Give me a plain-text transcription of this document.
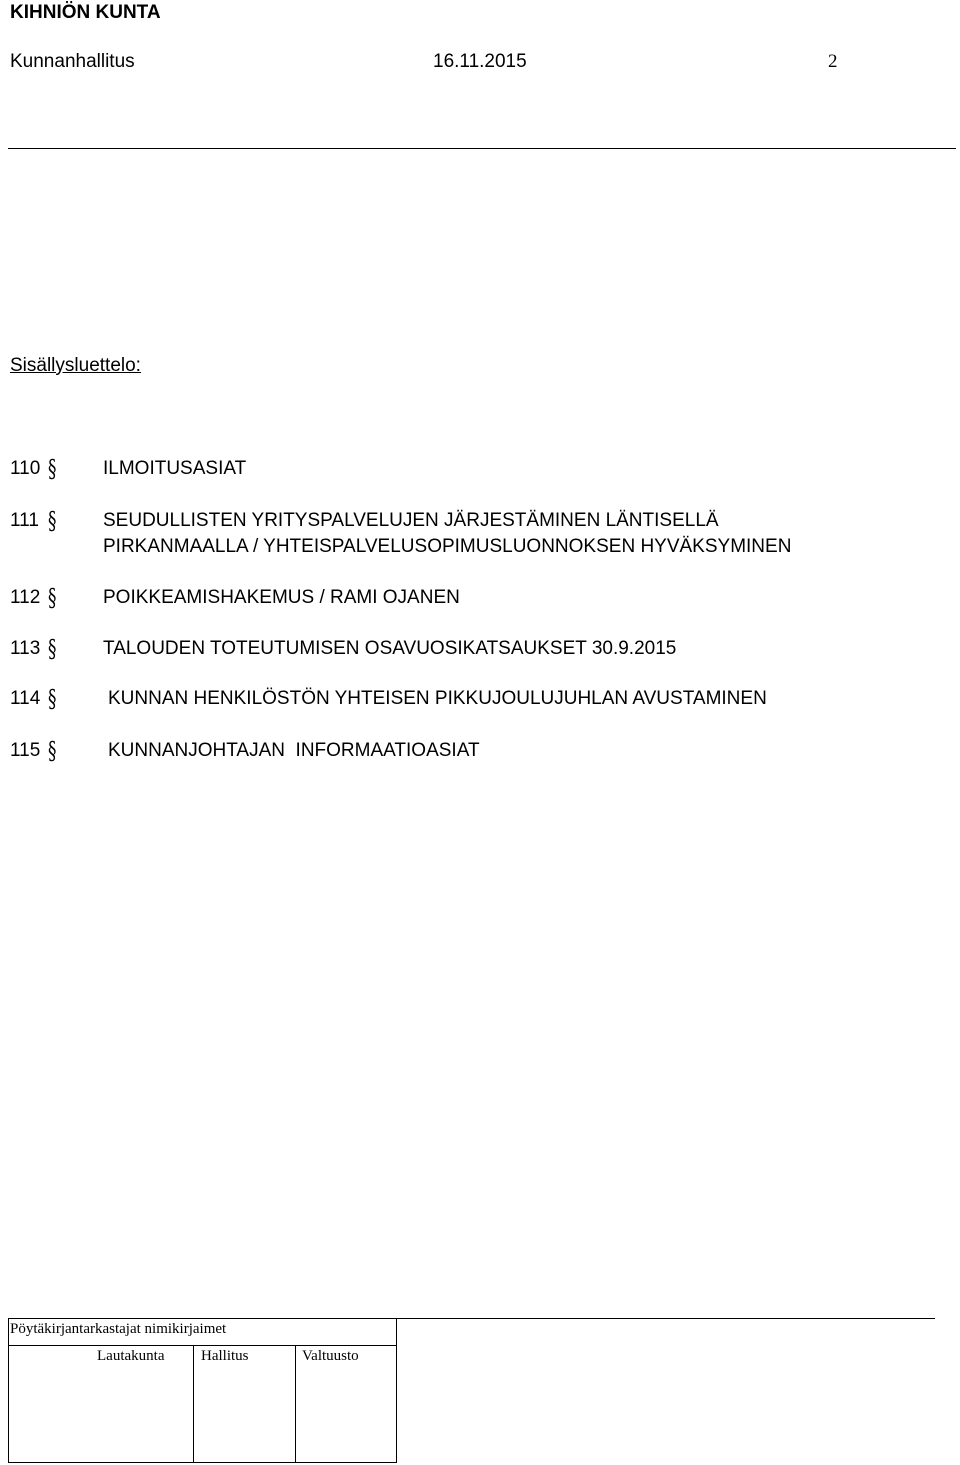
KIHNIÖN KUNTA
Kunnanhallitus	16.11.2015	2
Sisällysluettelo:
110 § ILMOITUSASIAT
111 § SEUDULLISTEN YRITYSPALVELUJEN JÄRJESTÄMINEN LÄNTISELLÄ
PIRKANMAALLA / YHTEISPALVELUSOPIMUSLUONNOKSEN HYVÄKSYMINEN
112 § POIKKEAMISHAKEMUS / RAMI OJANEN
113 § TALOUDEN TOTEUTUMISEN OSAVUOSIKATSAUKSET 30.9.2015
114 §	KUNNAN HENKILÖSTÖN YHTEISEN PIKKUJOULUJUHLAN AVUSTAMINEN
115 §	KUNNANJOHTAJAN  INFORMAATIOASIAT
Pöytäkirjantarkastajat nimikirjaimet
Lautakunta Hallitus	Valtuusto
